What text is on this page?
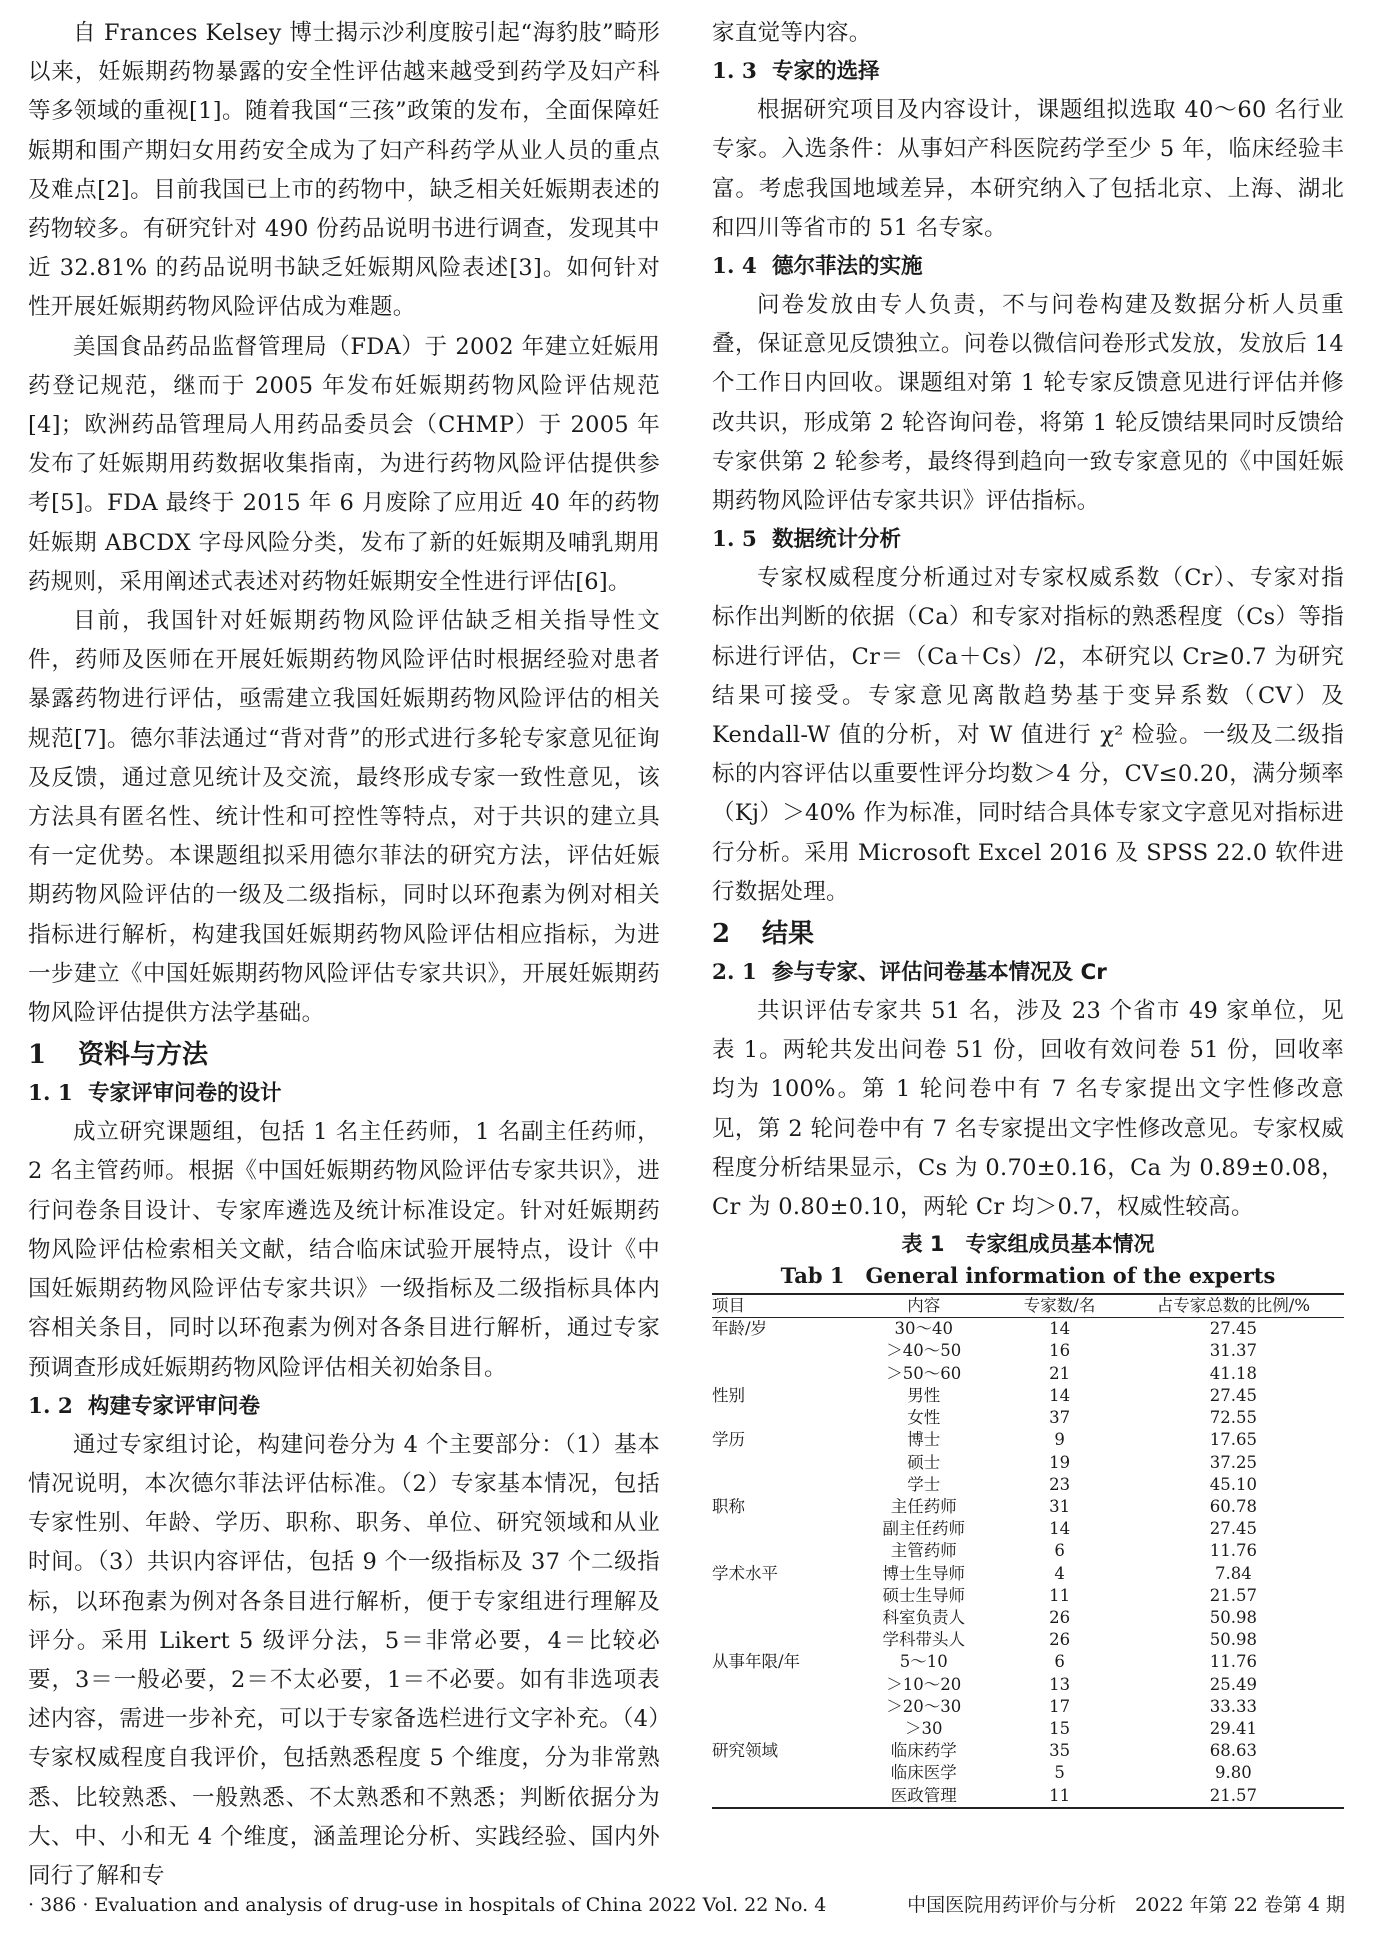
自 Frances Kelsey 博士揭示沙利度胺引起“海豹肢”畸形以来，妊娠期药物暴露的安全性评估越来越受到药学及妇产科等多领域的重视[1]。随着我国“三孩”政策的发布，全面保障妊娠期和围产期妇女用药安全成为了妇产科药学从业人员的重点及难点[2]。目前我国已上市的药物中，缺乏相关妊娠期表述的药物较多。有研究针对 490 份药品说明书进行调查，发现其中近 32.81% 的药品说明书缺乏妊娠期风险表述[3]。如何针对性开展妊娠期药物风险评估成为难题。

美国食品药品监督管理局（FDA）于 2002 年建立妊娠用药登记规范，继而于 2005 年发布妊娠期药物风险评估规范[4]；欧洲药品管理局人用药品委员会（CHMP）于 2005 年发布了妊娠期用药数据收集指南，为进行药物风险评估提供参考[5]。FDA 最终于 2015 年 6 月废除了应用近 40 年的药物妊娠期 ABCDX 字母风险分类，发布了新的妊娠期及哺乳期用药规则，采用阐述式表述对药物妊娠期安全性进行评估[6]。

目前，我国针对妊娠期药物风险评估缺乏相关指导性文件，药师及医师在开展妊娠期药物风险评估时根据经验对患者暴露药物进行评估，亟需建立我国妊娠期药物风险评估的相关规范[7]。德尔菲法通过“背对背”的形式进行多轮专家意见征询及反馈，通过意见统计及交流，最终形成专家一致性意见，该方法具有匿名性、统计性和可控性等特点，对于共识的建立具有一定优势。本课题组拟采用德尔菲法的研究方法，评估妊娠期药物风险评估的一级及二级指标，同时以环孢素为例对相关指标进行解析，构建我国妊娠期药物风险评估相应指标，为进一步建立《中国妊娠期药物风险评估专家共识》，开展妊娠期药物风险评估提供方法学基础。

1 资料与方法
1. 1 专家评审问卷的设计

成立研究课题组，包括 1 名主任药师，1 名副主任药师，2 名主管药师。根据《中国妊娠期药物风险评估专家共识》，进行问卷条目设计、专家库遴选及统计标准设定。针对妊娠期药物风险评估检索相关文献，结合临床试验开展特点，设计《中国妊娠期药物风险评估专家共识》一级指标及二级指标具体内容相关条目，同时以环孢素为例对各条目进行解析，通过专家预调查形成妊娠期药物风险评估相关初始条目。

1. 2 构建专家评审问卷

通过专家组讨论，构建问卷分为 4 个主要部分：（1）基本情况说明，本次德尔菲法评估标准。（2）专家基本情况，包括专家性别、年龄、学历、职称、职务、单位、研究领域和从业时间。（3）共识内容评估，包括 9 个一级指标及 37 个二级指标，以环孢素为例对各条目进行解析，便于专家组进行理解及评分。采用 Likert 5 级评分法，5＝非常必要，4＝比较必要，3＝一般必要，2＝不太必要，1＝不必要。如有非选项表述内容，需进一步补充，可以于专家备选栏进行文字补充。（4）专家权威程度自我评价，包括熟悉程度 5 个维度，分为非常熟悉、比较熟悉、一般熟悉、不太熟悉和不熟悉；判断依据分为大、中、小和无 4 个维度，涵盖理论分析、实践经验、国内外同行了解和专

家直觉等内容。

1. 3 专家的选择

根据研究项目及内容设计，课题组拟选取 40～60 名行业专家。入选条件：从事妇产科医院药学至少 5 年，临床经验丰富。考虑我国地域差异，本研究纳入了包括北京、上海、湖北和四川等省市的 51 名专家。

1. 4 德尔菲法的实施

问卷发放由专人负责，不与问卷构建及数据分析人员重叠，保证意见反馈独立。问卷以微信问卷形式发放，发放后 14 个工作日内回收。课题组对第 1 轮专家反馈意见进行评估并修改共识，形成第 2 轮咨询问卷，将第 1 轮反馈结果同时反馈给专家供第 2 轮参考，最终得到趋向一致专家意见的《中国妊娠期药物风险评估专家共识》评估指标。

1. 5 数据统计分析

专家权威程度分析通过对专家权威系数（Cr）、专家对指标作出判断的依据（Ca）和专家对指标的熟悉程度（Cs）等指标进行评估，Cr＝（Ca＋Cs）/2，本研究以 Cr≥0.7 为研究结果可接受。专家意见离散趋势基于变异系数（CV）及 Kendall-W 值的分析，对 W 值进行 χ² 检验。一级及二级指标的内容评估以重要性评分均数＞4 分，CV≤0.20，满分频率（Kj）＞40% 作为标准，同时结合具体专家文字意见对指标进行分析。采用 Microsoft Excel 2016 及 SPSS 22.0 软件进行数据处理。

2 结果
2. 1 参与专家、评估问卷基本情况及 Cr

共识评估专家共 51 名，涉及 23 个省市 49 家单位，见表 1。两轮共发出问卷 51 份，回收有效问卷 51 份，回收率均为 100%。第 1 轮问卷中有 7 名专家提出文字性修改意见，第 2 轮问卷中有 7 名专家提出文字性修改意见。专家权威程度分析结果显示，Cs 为 0.70±0.16，Ca 为 0.89±0.08，Cr 为 0.80±0.10，两轮 Cr 均＞0.7，权威性较高。

表 1　专家组成员基本情况
Tab 1　General information of the experts
项目	内容	专家数/名	占专家总数的比例/%
年龄/岁	30～40	14	27.45
	＞40～50	16	31.37
	＞50～60	21	41.18
性别	男性	14	27.45
	女性	37	72.55
学历	博士	9	17.65
	硕士	19	37.25
	学士	23	45.10
职称	主任药师	31	60.78
	副主任药师	14	27.45
	主管药师	6	11.76
学术水平	博士生导师	4	7.84
	硕士生导师	11	21.57
	科室负责人	26	50.98
	学科带头人	26	50.98
从事年限/年	5～10	6	11.76
	＞10～20	13	25.49
	＞20～30	17	33.33
	＞30	15	29.41
研究领域	临床药学	35	68.63
	临床医学	5	9.80
	医政管理	11	21.57
· 386 · Evaluation and analysis of drug-use in hospitals of China 2022 Vol. 22 No. 4	中国医院用药评价与分析　2022 年第 22 卷第 4 期
